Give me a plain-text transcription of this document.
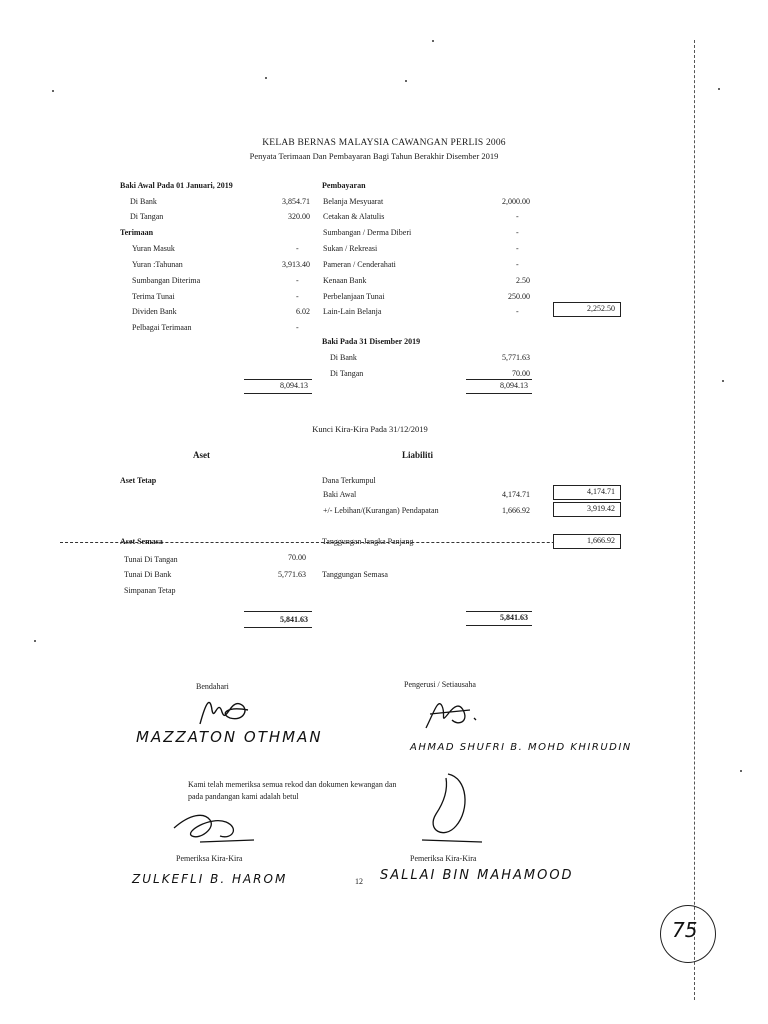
KELAB BERNAS MALAYSIA CAWANGAN PERLIS 2006
Penyata Terimaan Dan Pembayaran Bagi Tahun Berakhir Disember 2019
Baki Awal Pada 01 Januari, 2019
Di Bank	3,854.71
Di Tangan	320.00
Terimaan
Yuran Masuk	-
Yuran :Tahunan	3,913.40
Sumbangan Diterima	-
Terima Tunai	-
Dividen Bank	6.02
Pelbagai Terimaan	-
8,094.13
Pembayaran
Belanja Mesyuarat	2,000.00
Cetakan & Alatulis	-
Sumbangan / Derma Diberi	-
Sukan / Rekreasi	-
Pameran / Cenderahati	-
Kenaan Bank	2.50
Perbelanjaan Tunai	250.00
Lain-Lain Belanja	-	2,252.50
Baki Pada 31 Disember 2019
Di Bank	5,771.63
Di Tangan	70.00
8,094.13
Kunci Kira-Kira Pada 31/12/2019
Aset	Liabiliti
Aset Tetap	Dana Terkumpul
Baki Awal	4,174.71	4,174.71
+/- Lebihan/(Kurangan) Pendapatan	1,666.92	3,919.42
Aset Semasa	Tanggungan Jangka Panjang	1,666.92
Tunai Di Tangan	70.00
Tunai Di Bank	5,771.63 Tanggungan Semasa
Simpanan Tetap
5,841.63	5,841.63
Bendahari
MAZZATON OTHMAN
Pengerusi / Setiausaha
AHMAD SHUFRI B. MOHD KHIRUDIN
Kami telah memeriksa semua rekod dan dokumen kewangan dan
pada pandangan kami adalah betul
Pemeriksa Kira-Kira
ZULKEFLI B. HAROM
Pemeriksa Kira-Kira
SALLAI BIN MAHAMOOD
12
75
